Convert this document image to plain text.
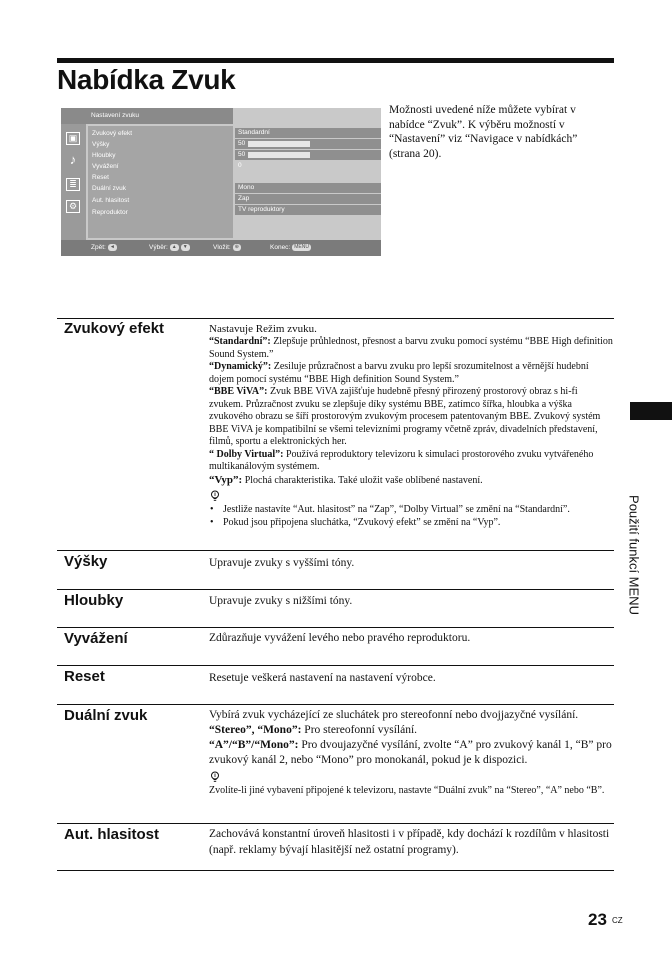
Nabídka Zvuk
Nastavení zvuku
▣
♪
≣
⚙
Zvukový efekt
Výšky
Hloubky
Vyvážení
Reset
Duální zvuk
Aut. hlasitost
Reproduktor
Standardní
50
50
0
Mono
Zap
TV reproduktory
Zpět: ◄	Výběr: ▲ ▼	Vložit: ⊕	Konec: MENU

Možnosti uvedené níže můžete vybírat v nabídce “Zvuk”. K výběru možností v “Nastavení” viz “Navigace v nabídkách” (strana 20).

Zvukový efekt	Nastavuje Režim zvuku.

“Standardní”: Zlepšuje průhlednost, přesnost a barvu zvuku pomocí systému “BBE High definition Sound System.”

“Dynamický”: Zesiluje průzračnost a barvu zvuku pro lepší srozumitelnost a věrnější hudební dojem pomocí systému “BBE High definition Sound System.”

“BBE ViVA”: Zvuk BBE ViVA zajišťuje hudebně přesný přirozený prostorový obraz s hi-fi zvukem. Průzračnost zvuku se zlepšuje díky systému BBE, zatímco šířka, hloubka a výška zvukového obrazu se šíří prostorovým zvukovým procesem patentovaným BBE. Zvukový systém BBE ViVA je kompatibilní se všemi televizními programy včetně zpráv, divadelních představení, filmů, sportu a elektronických her.

“ Dolby Virtual”: Používá reproduktory televizoru k simulaci prostorového zvuku vytvářeného multikanálovým systémem.

“Vyp”: Plochá charakteristika. Také uložit vaše oblíbené nastavení.

• Jestliže nastavíte “Aut. hlasitost” na “Zap”, “Dolby Virtual” se změní na “Standardní”.

• Pokud jsou připojena sluchátka, “Zvukový efekt” se změní na “Vyp”.

Výšky	Upravuje zvuky s vyššími tóny.
Hloubky	Upravuje zvuky s nižšími tóny.
Vyvážení	Zdůrazňuje vyvážení levého nebo pravého reproduktoru.
Reset	Resetuje veškerá nastavení na nastavení výrobce.
Duální zvuk	Vybírá zvuk vycházející ze sluchátek pro stereofonní nebo dvojjazyčné vysílání.

“Stereo”, “Mono”: Pro stereofonní vysílání.

“A”/“B”/“Mono”: Pro dvoujazyčné vysílání, zvolte “A” pro zvukový kanál 1, “B” pro zvukový kanál 2, nebo “Mono” pro monokanál, pokud je k dispozici.

Zvolíte-li jiné vybavení připojené k televizoru, nastavte “Duální zvuk” na “Stereo”, “A” nebo “B”.

Aut. hlasitost	Zachovává konstantní úroveň hlasitosti i v případě, kdy dochází k rozdílům v hlasitosti (např. reklamy bývají hlasitější než ostatní programy).
Použití funkcí MENU
23 CZ
